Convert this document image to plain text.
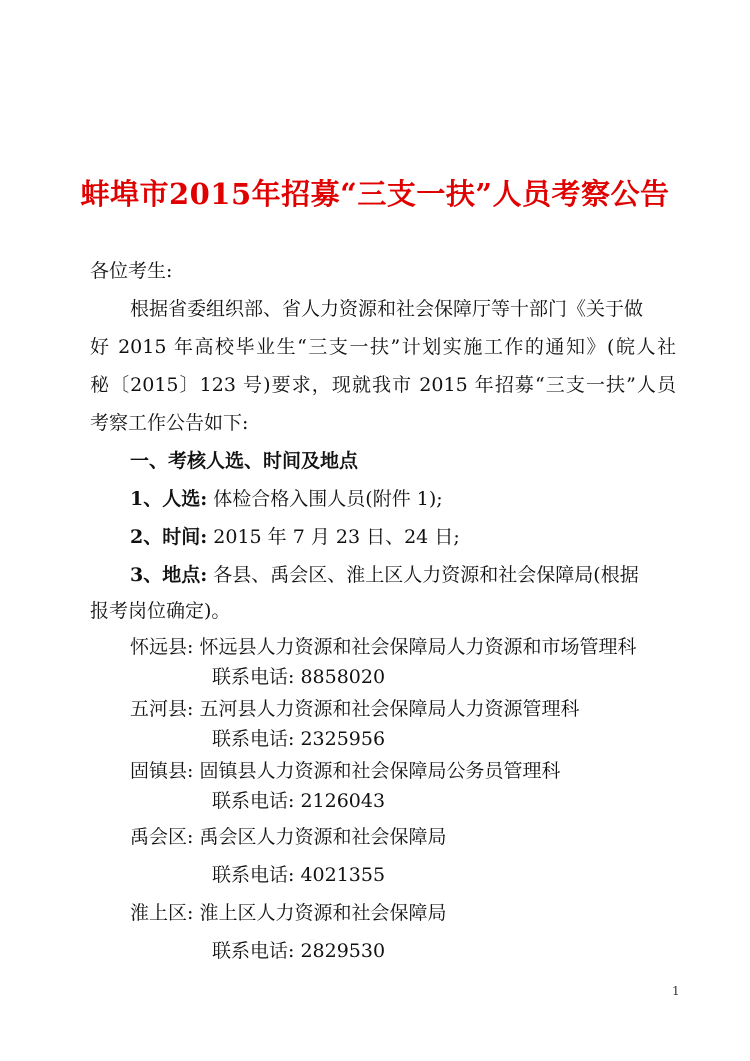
蚌埠市2015年招募“三支一扶”人员考察公告
各位考生:
根据省委组织部、省人力资源和社会保障厅等十部门《关于做
好 2015 年高校毕业生“三支一扶”计划实施工作的通知》(皖人社
秘〔2015〕123 号)要求，现就我市 2015 年招募“三支一扶”人员
考察工作公告如下:
一、考核人选、时间及地点
1、人选: 体检合格入围人员(附件 1);
2、时间: 2015 年 7 月 23 日、24 日;
3、地点: 各县、禹会区、淮上区人力资源和社会保障局(根据
报考岗位确定)。
怀远县: 怀远县人力资源和社会保障局人力资源和市场管理科
联系电话: 8858020
五河县: 五河县人力资源和社会保障局人力资源管理科
联系电话: 2325956
固镇县: 固镇县人力资源和社会保障局公务员管理科
联系电话: 2126043
禹会区: 禹会区人力资源和社会保障局
联系电话: 4021355
淮上区: 淮上区人力资源和社会保障局
联系电话: 2829530
1
